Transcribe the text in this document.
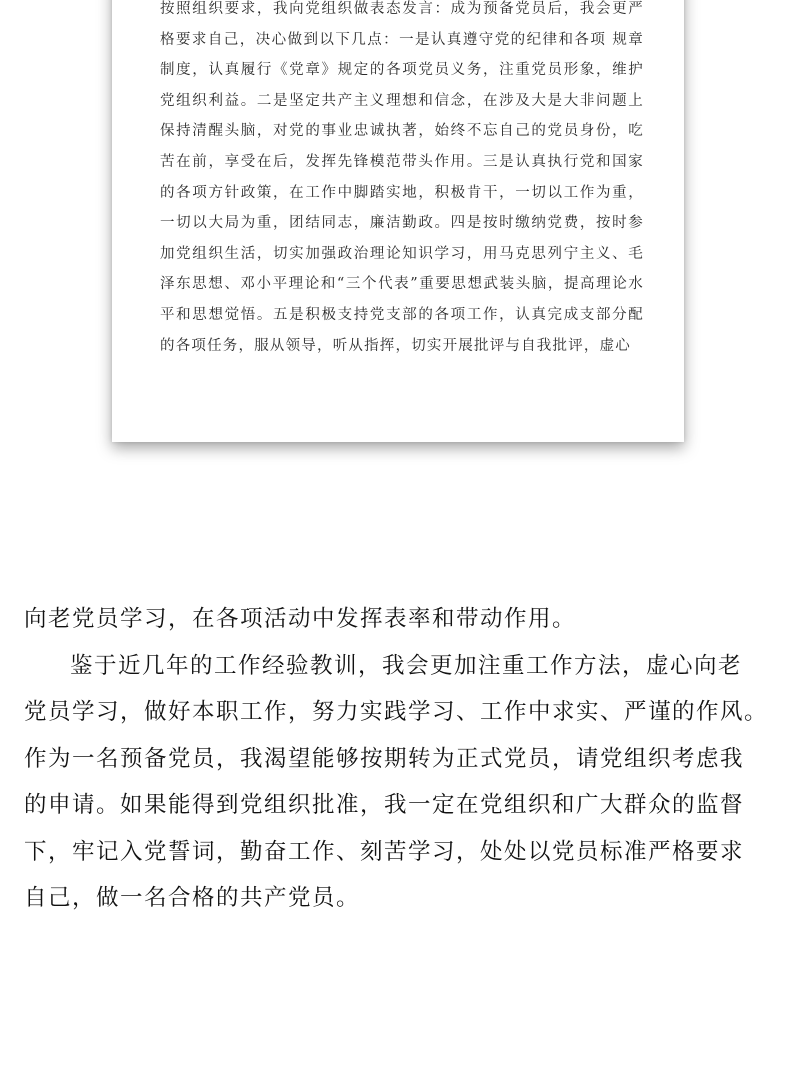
按照组织要求，我向党组织做表态发言：成为预备党员后，我会更严
格要求自己，决心做到以下几点：一是认真遵守党的纪律和各项 规章
制度，认真履行《党章》规定的各项党员义务，注重党员形象，维护
党组织利益。二是坚定共产主义理想和信念，在涉及大是大非问题上
保持清醒头脑，对党的事业忠诚执著，始终不忘自己的党员身份，吃
苦在前，享受在后，发挥先锋模范带头作用。三是认真执行党和国家
的各项方针政策，在工作中脚踏实地，积极肯干，一切以工作为重，
一切以大局为重，团结同志，廉洁勤政。四是按时缴纳党费，按时参
加党组织生活，切实加强政治理论知识学习，用马克思列宁主义、毛
泽东思想、邓小平理论和“三个代表”重要思想武装头脑，提高理论水
平和思想觉悟。五是积极支持党支部的各项工作，认真完成支部分配
的各项任务，服从领导，听从指挥，切实开展批评与自我批评，虚心
向老党员学习，在各项活动中发挥表率和带动作用。
鉴于近几年的工作经验教训，我会更加注重工作方法，虚心向老
党员学习，做好本职工作，努力实践学习、工作中求实、严谨的作风。
作为一名预备党员，我渴望能够按期转为正式党员，请党组织考虑我
的申请。如果能得到党组织批准，我一定在党组织和广大群众的监督
下，牢记入党誓词，勤奋工作、刻苦学习，处处以党员标准严格要求
自己，做一名合格的共产党员。
